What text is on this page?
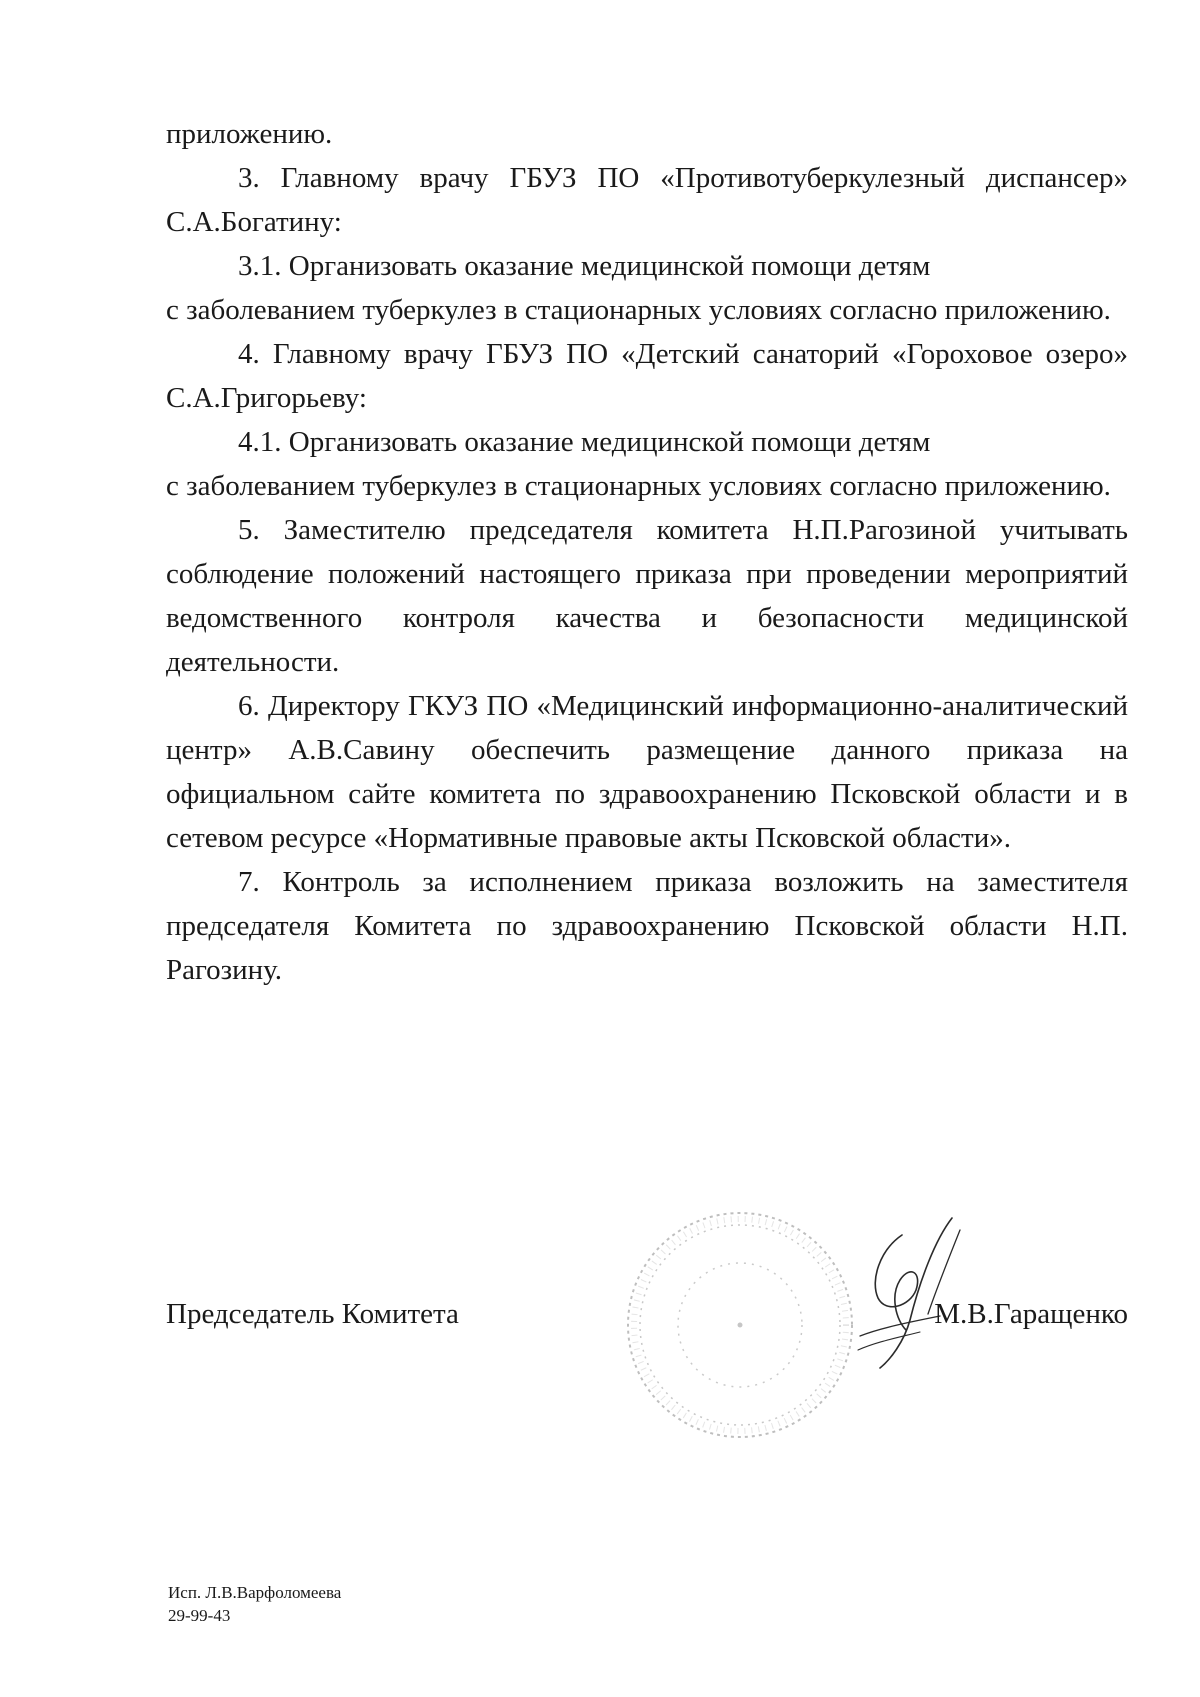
приложению.

3. Главному врачу ГБУЗ ПО «Противотуберкулезный диспансер» С.А.Богатину:

3.1. Организовать оказание медицинской помощи детям

с заболеванием туберкулез в стационарных условиях согласно приложению.

4. Главному врачу ГБУЗ ПО «Детский санаторий «Гороховое озеро» С.А.Григорьеву:

4.1. Организовать оказание медицинской помощи детям

с заболеванием туберкулез в стационарных условиях согласно приложению.

5. Заместителю председателя комитета Н.П.Рагозиной учитывать соблюдение положений настоящего приказа при проведении мероприятий ведомственного контроля качества и безопасности медицинской деятельности.

6. Директору ГКУЗ ПО «Медицинский информационно-аналитический центр» А.В.Савину обеспечить размещение данного приказа на официальном сайте комитета по здравоохранению Псковской области и в сетевом ресурсе «Нормативные правовые акты Псковской области».

7. Контроль за исполнением приказа возложить на заместителя председателя Комитета по здравоохранению Псковской области Н.П. Рагозину.

Председатель Комитета	М.В.Гаращенко
Исп. Л.В.Варфоломеева
29-99-43
